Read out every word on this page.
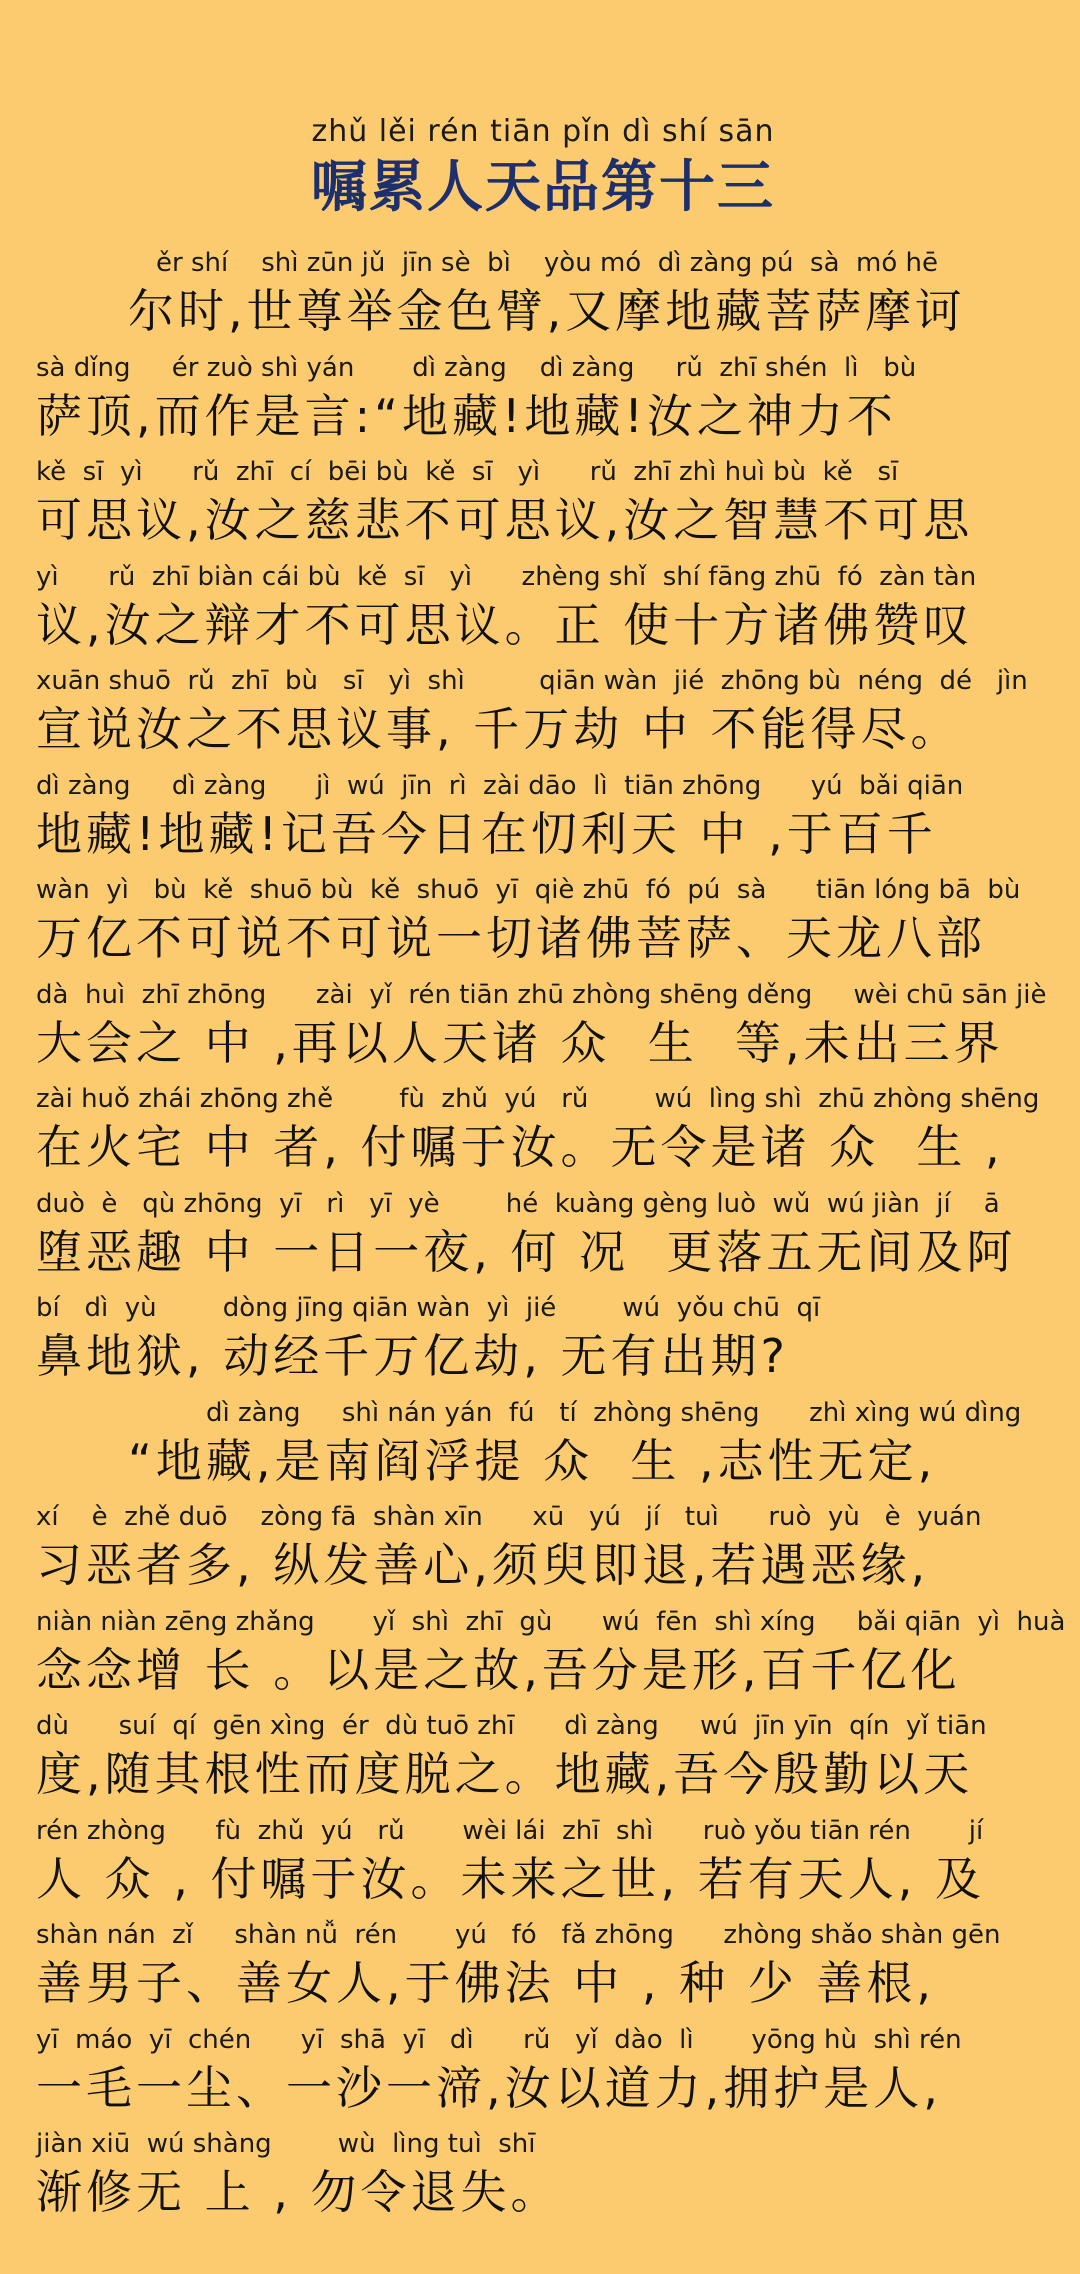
zhǔ lěi rén tiān pǐn dì shí sān
嘱累人天品第十三
ěr shí    shì zūn jǔ  jīn sè  bì    yòu mó  dì zàng pú  sà  mó hē
尔时,世尊举金色臂,又摩地藏菩萨摩诃
sà dǐng     ér zuò shì yán       dì zàng    dì zàng     rǔ  zhī shén  lì   bù
萨顶,而作是言:“地藏!地藏!汝之神力不
kě  sī  yì      rǔ  zhī  cí  bēi bù  kě  sī   yì      rǔ  zhī zhì huì bù  kě   sī
可思议,汝之慈悲不可思议,汝之智慧不可思
yì      rǔ  zhī biàn cái bù  kě  sī   yì      zhèng shǐ  shí fāng zhū  fó  zàn tàn
议,汝之辩才不可思议。正 使十方诸佛赞叹
xuān shuō  rǔ  zhī  bù   sī   yì  shì         qiān wàn  jié  zhōng bù  néng  dé   jìn
宣说汝之不思议事, 千万劫 中 不能得尽。
dì zàng     dì zàng      jì  wú  jīn  rì  zài dāo  lì  tiān zhōng      yú  bǎi qiān
地藏!地藏!记吾今日在忉利天 中 ,于百千
wàn  yì   bù  kě  shuō bù  kě  shuō  yī  qiè zhū  fó  pú  sà      tiān lóng bā  bù
万亿不可说不可说一切诸佛菩萨、天龙八部
dà  huì  zhī zhōng      zài  yǐ  rén tiān zhū zhòng shēng děng     wèi chū sān jiè
大会之 中 ,再以人天诸 众  生  等,未出三界
zài huǒ zhái zhōng zhě        fù  zhǔ  yú   rǔ        wú  lìng shì  zhū zhòng shēng
在火宅 中 者, 付嘱于汝。无令是诸 众  生 ,
duò  è   qù zhōng  yī   rì   yī  yè        hé  kuàng gèng luò  wǔ  wú jiàn  jí    ā
堕恶趣 中 一日一夜, 何 况  更落五无间及阿
bí   dì  yù        dòng jīng qiān wàn  yì  jié        wú  yǒu chū  qī
鼻地狱, 动经千万亿劫, 无有出期?
dì zàng     shì nán yán  fú   tí  zhòng shēng      zhì xìng wú dìng
“地藏,是南阎浮提 众  生 ,志性无定,
xí    è  zhě duō    zòng fā  shàn xīn      xū   yú   jí   tuì      ruò  yù   è  yuán
习恶者多, 纵发善心,须臾即退,若遇恶缘,
niàn niàn zēng zhǎng       yǐ  shì  zhī  gù      wú  fēn  shì xíng     bǎi qiān  yì  huà
念念增 长 。以是之故,吾分是形,百千亿化
dù      suí  qí  gēn xìng  ér  dù tuō zhī      dì zàng     wú  jīn yīn  qín  yǐ tiān
度,随其根性而度脱之。地藏,吾今殷勤以天
rén zhòng      fù  zhǔ  yú   rǔ       wèi lái  zhī  shì      ruò yǒu tiān rén       jí
人 众 , 付嘱于汝。未来之世, 若有天人, 及
shàn nán  zǐ     shàn nǚ  rén       yú   fó   fǎ zhōng      zhòng shǎo shàn gēn
善男子、善女人,于佛法 中 , 种 少 善根,
yī  máo  yī  chén      yī  shā  yī   dì      rǔ   yǐ  dào  lì       yōng hù  shì rén
一毛一尘、一沙一渧,汝以道力,拥护是人,
jiàn xiū  wú shàng        wù  lìng tuì  shī
渐修无 上 , 勿令退失。
